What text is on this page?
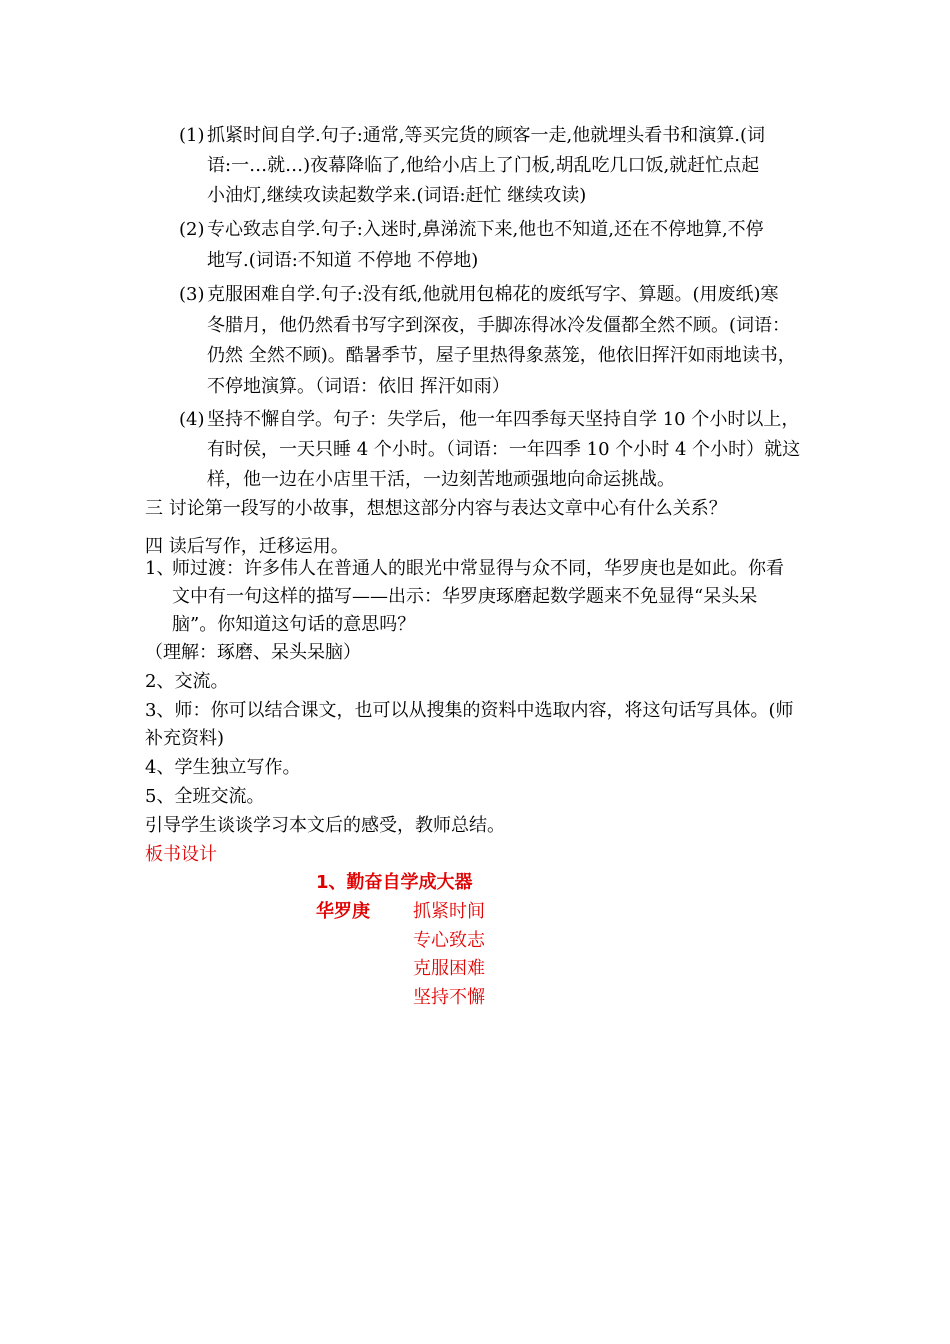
(1) 抓紧时间自学.句子:通常,等买完货的顾客一走,他就埋头看书和演算.(词
语:一…就…)夜幕降临了,他给小店上了门板,胡乱吃几口饭,就赶忙点起
小油灯,继续攻读起数学来.(词语:赶忙 继续攻读)
(2) 专心致志自学.句子:入迷时,鼻涕流下来,他也不知道,还在不停地算,不停
地写.(词语:不知道 不停地 不停地)
(3) 克服困难自学.句子:没有纸,他就用包棉花的废纸写字、算题。(用废纸)寒
冬腊月，他仍然看书写字到深夜，手脚冻得冰冷发僵都全然不顾。(词语：
仍然 全然不顾)。酷暑季节，屋子里热得象蒸笼，他依旧挥汗如雨地读书，
不停地演算。（词语：依旧 挥汗如雨）
(4) 坚持不懈自学。句子：失学后，他一年四季每天坚持自学 10 个小时以上，
有时侯，一天只睡 4 个小时。（词语：一年四季 10 个小时 4 个小时）就这
样，他一边在小店里干活，一边刻苦地顽强地向命运挑战。
三 讨论第一段写的小故事，想想这部分内容与表达文章中心有什么关系？
四 读后写作，迁移运用。
1、
师过渡：许多伟人在普通人的眼光中常显得与众不同，华罗庚也是如此。你看
文中有一句这样的描写——出示：华罗庚琢磨起数学题来不免显得“呆头呆
脑”。你知道这句话的意思吗？
（理解：琢磨、呆头呆脑）
2、交流。
3、师：你可以结合课文，也可以从搜集的资料中选取内容，将这句话写具体。(师
补充资料)
4、学生独立写作。
5、全班交流。
引导学生谈谈学习本文后的感受，教师总结。
板书设计
1、勤奋自学成大器
华罗庚 抓紧时间
专心致志
克服困难
坚持不懈
